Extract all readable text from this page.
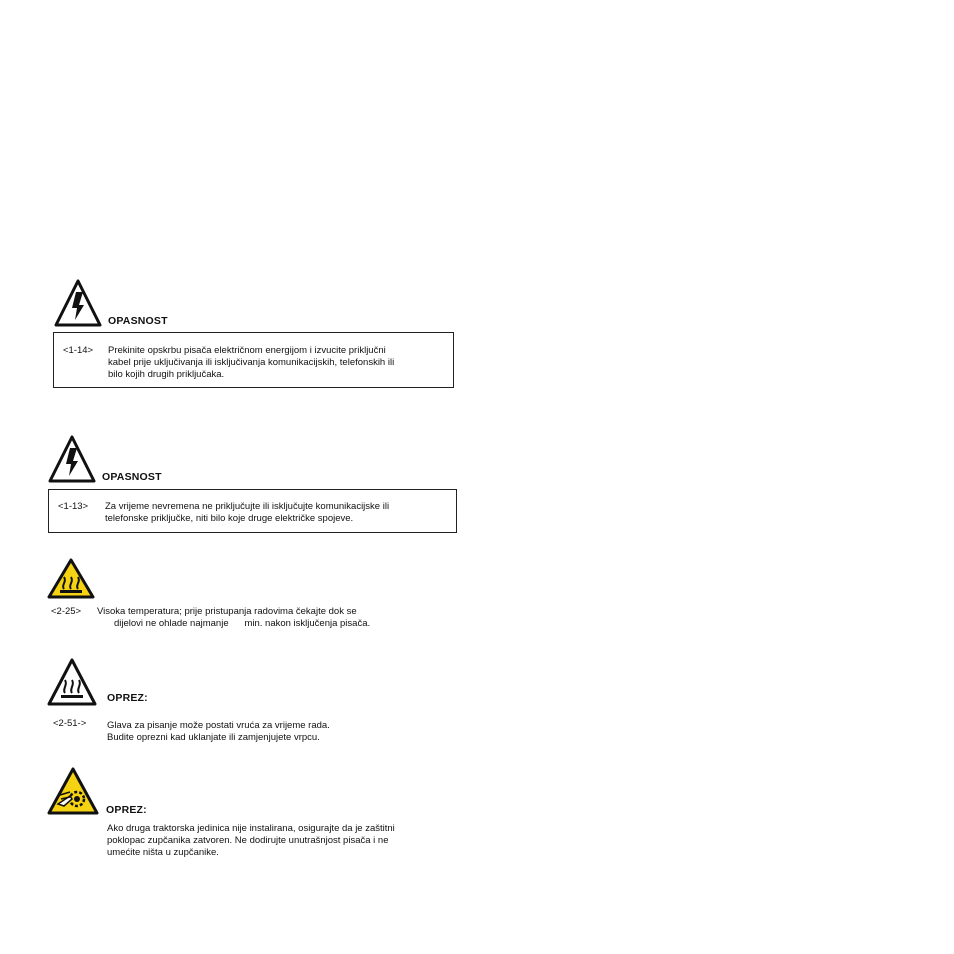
OPASNOST
<1-14> Prekinite opskrbu pisača električnom energijom i izvucite priključni
kabel prije uključivanja ili isključivanja komunikacijskih, telefonskih ili
bilo kojih drugih priključaka.
OPASNOST
<1-13> Za vrijeme nevremena ne priključujte ili isključujte komunikacijske ili
telefonske priključke, niti bilo koje druge električke spojeve.
<2-25> Visoka temperatura; prije pristupanja radovima čekajte dok se
dijelovi ne ohlade najmanje      min. nakon isključenja pisača.
OPREZ:
<2-51-> Glava za pisanje može postati vruća za vrijeme rada.
Budite oprezni kad uklanjate ili zamjenjujete vrpcu.
OPREZ:
Ako druga traktorska jedinica nije instalirana, osigurajte da je zaštitni
poklopac zupčanika zatvoren. Ne dodirujte unutrašnjost pisača i ne
umećite ništa u zupčanike.
